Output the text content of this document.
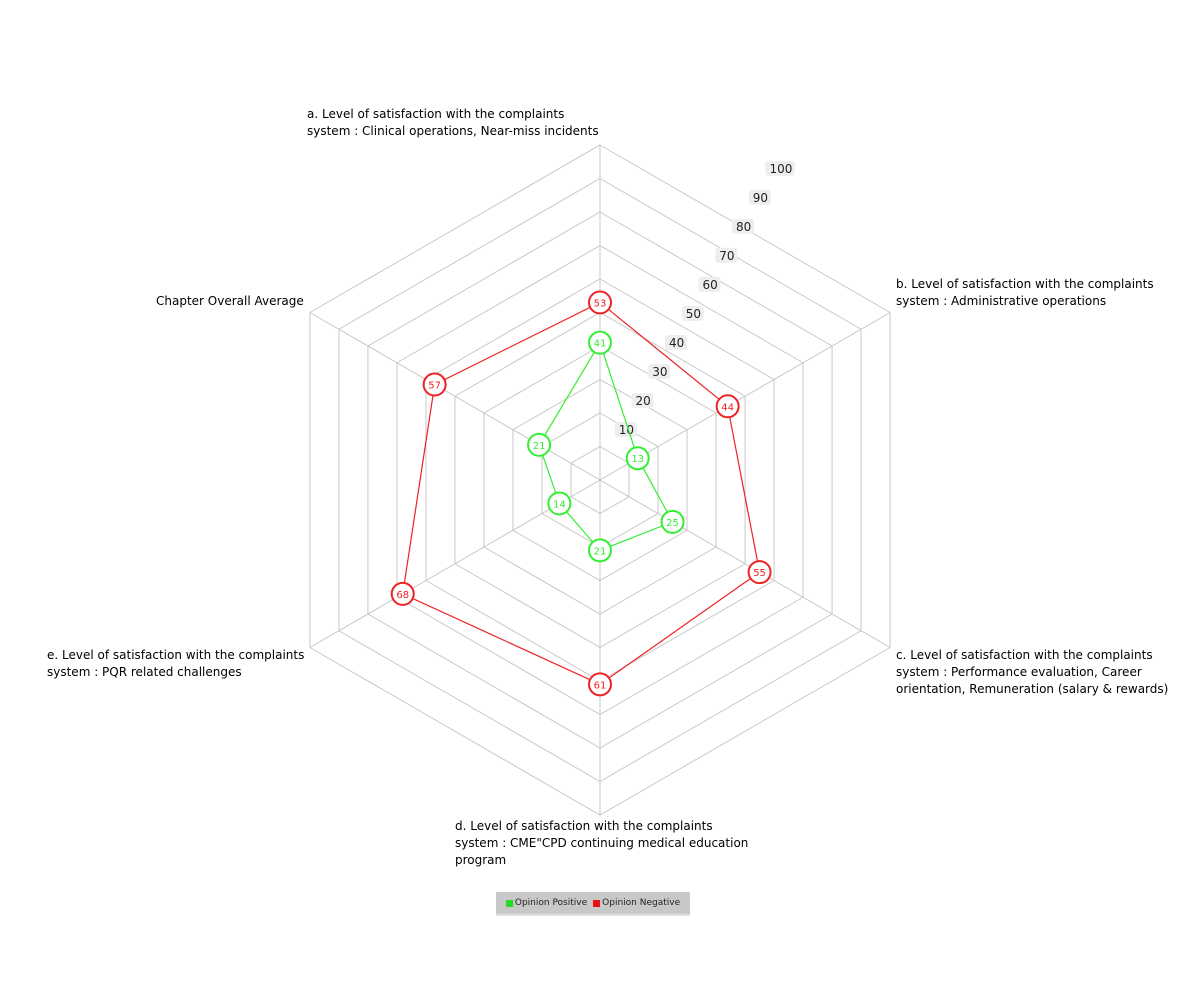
10
20
30
40
50
60
70
80
90
100
41
13
25
21
14
21
53
44
55
61
68
57
a. Level of satisfaction with the complaints
system : Clinical operations, Near-miss incidents
b. Level of satisfaction with the complaints
system : Administrative operations
c. Level of satisfaction with the complaints
system : Performance evaluation, Career
orientation, Remuneration (salary & rewards)
d. Level of satisfaction with the complaints
system : CME"CPD continuing medical education
program
e. Level of satisfaction with the complaints
system : PQR related challenges
Chapter Overall Average
Opinion Positive Opinion Negative
